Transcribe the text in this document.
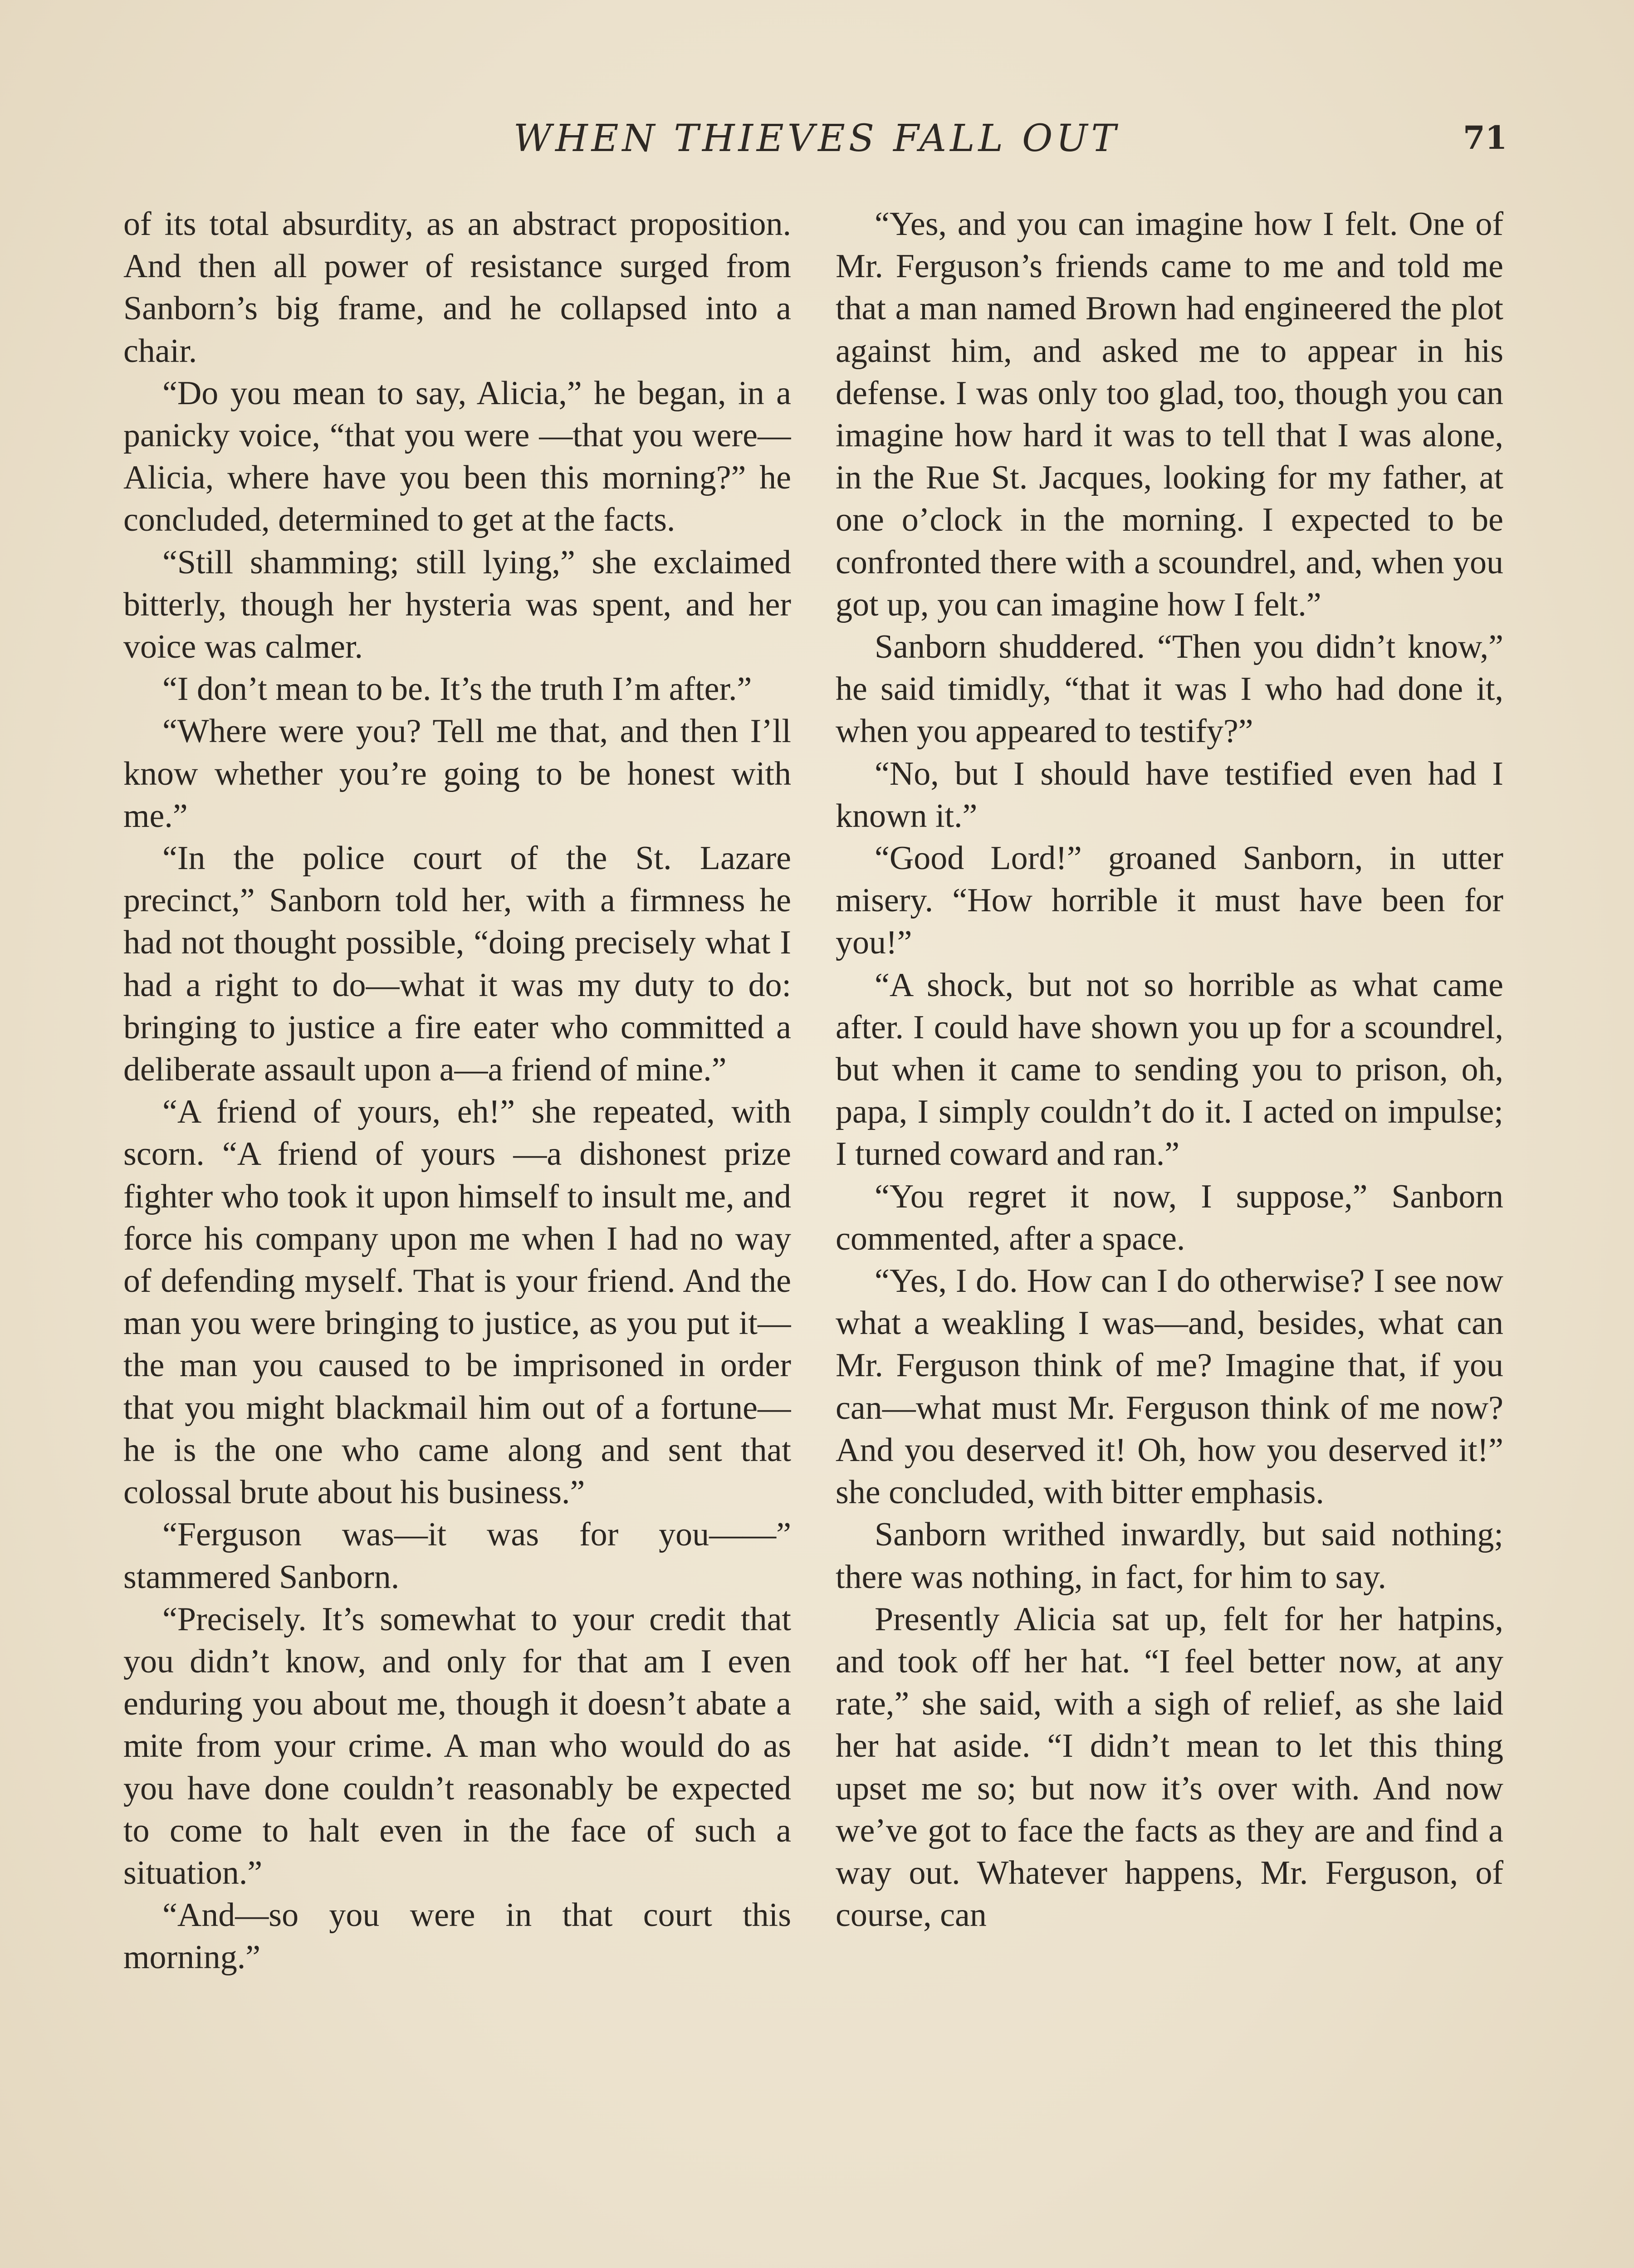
WHEN THIEVES FALL OUT	71

of its total absurdity, as an abstract proposition. And then all power of resistance surged from Sanborn’s big frame, and he collapsed into a chair.

“Do you mean to say, Alicia,” he began, in a panicky voice, “that you were —that you were—Alicia, where have you been this morning?” he concluded, determined to get at the facts.

“Still shamming; still lying,” she exclaimed bitterly, though her hysteria was spent, and her voice was calmer.

“I don’t mean to be. It’s the truth I’m after.”

“Where were you? Tell me that, and then I’ll know whether you’re going to be honest with me.”

“In the police court of the St. Lazare precinct,” Sanborn told her, with a firmness he had not thought possible, “doing precisely what I had a right to do—what it was my duty to do: bringing to justice a fire eater who committed a deliberate assault upon a—a friend of mine.”

“A friend of yours, eh!” she repeated, with scorn. “A friend of yours —a dishonest prize fighter who took it upon himself to insult me, and force his company upon me when I had no way of defending myself. That is your friend. And the man you were bringing to justice, as you put it—the man you caused to be imprisoned in order that you might blackmail him out of a fortune—he is the one who came along and sent that colossal brute about his business.”

“Ferguson was—it was for you——” stammered Sanborn.

“Precisely. It’s somewhat to your credit that you didn’t know, and only for that am I even enduring you about me, though it doesn’t abate a mite from your crime. A man who would do as you have done couldn’t reasonably be expected to come to halt even in the face of such a situation.”

“And—so you were in that court this morning.”

“Yes, and you can imagine how I felt. One of Mr. Ferguson’s friends came to me and told me that a man named Brown had engineered the plot against him, and asked me to appear in his defense. I was only too glad, too, though you can imagine how hard it was to tell that I was alone, in the Rue St. Jacques, looking for my father, at one o’clock in the morning. I expected to be confronted there with a scoundrel, and, when you got up, you can imagine how I felt.”

Sanborn shuddered. “Then you didn’t know,” he said timidly, “that it was I who had done it, when you appeared to testify?”

“No, but I should have testified even had I known it.”

“Good Lord!” groaned Sanborn, in utter misery. “How horrible it must have been for you!”

“A shock, but not so horrible as what came after. I could have shown you up for a scoundrel, but when it came to sending you to prison, oh, papa, I simply couldn’t do it. I acted on impulse; I turned coward and ran.”

“You regret it now, I suppose,” Sanborn commented, after a space.

“Yes, I do. How can I do otherwise? I see now what a weakling I was—and, besides, what can Mr. Ferguson think of me? Imagine that, if you can—what must Mr. Ferguson think of me now? And you deserved it! Oh, how you deserved it!” she concluded, with bitter emphasis.

Sanborn writhed inwardly, but said nothing; there was nothing, in fact, for him to say.

Presently Alicia sat up, felt for her hatpins, and took off her hat. “I feel better now, at any rate,” she said, with a sigh of relief, as she laid her hat aside. “I didn’t mean to let this thing upset me so; but now it’s over with. And now we’ve got to face the facts as they are and find a way out. Whatever happens, Mr. Ferguson, of course, can
